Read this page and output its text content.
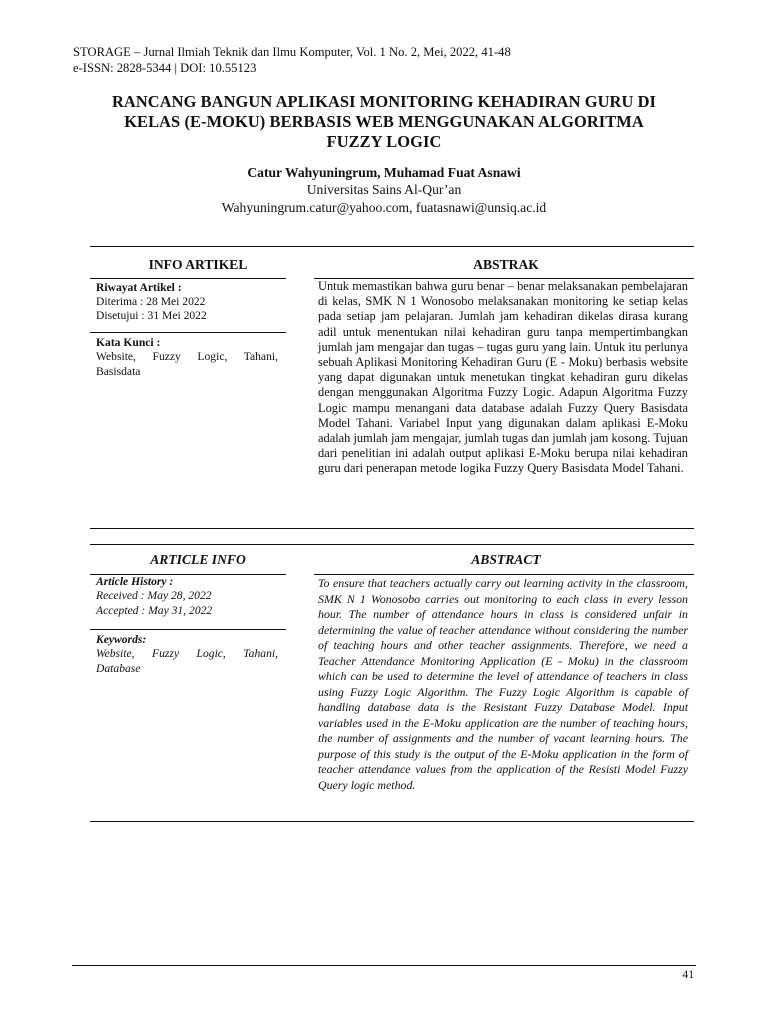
STORAGE – Jurnal Ilmiah Teknik dan Ilmu Komputer, Vol. 1 No. 2, Mei, 2022, 41-48
e-ISSN: 2828-5344 | DOI: 10.55123
RANCANG BANGUN APLIKASI MONITORING KEHADIRAN GURU DI
KELAS (E-MOKU) BERBASIS WEB MENGGUNAKAN ALGORITMA
FUZZY LOGIC
Catur Wahyuningrum, Muhamad Fuat Asnawi
Universitas Sains Al-Qur’an
Wahyuningrum.catur@yahoo.com, fuatasnawi@unsiq.ac.id
INFO ARTIKEL	ABSTRAK
Riwayat Artikel :
Diterima : 28 Mei 2022
Disetujui : 31 Mei 2022
Kata Kunci :
Website, Fuzzy Logic, Tahani, Basisdata
Untuk memastikan bahwa guru benar – benar melaksanakan pembelajaran di kelas, SMK N 1 Wonosobo melaksanakan monitoring ke setiap kelas pada setiap jam pelajaran. Jumlah jam kehadiran dikelas dirasa kurang adil untuk menentukan nilai kehadiran guru tanpa mempertimbangkan jumlah jam mengajar dan tugas – tugas guru yang lain. Untuk itu perlunya sebuah Aplikasi Monitoring Kehadiran Guru (E - Moku) berbasis website yang dapat digunakan untuk menetukan tingkat kehadiran guru dikelas dengan menggunakan Algoritma Fuzzy Logic. Adapun Algoritma Fuzzy Logic mampu menangani data database adalah Fuzzy Query Basisdata Model Tahani. Variabel Input yang digunakan dalam aplikasi E-Moku adalah jumlah jam mengajar, jumlah tugas dan jumlah jam kosong. Tujuan dari penelitian ini adalah output aplikasi E-Moku berupa nilai kehadiran guru dari penerapan metode logika Fuzzy Query Basisdata Model Tahani.
ARTICLE INFO	ABSTRACT
Article History :
Received : May 28, 2022
Accepted : May 31, 2022
Keywords:
Website, Fuzzy Logic, Tahani, Database
To ensure that teachers actually carry out learning activity in the classroom, SMK N 1 Wonosobo carries out monitoring to each class in every lesson hour. The number of attendance hours in class is considered unfair in determining the value of teacher attendance without considering the number of teaching hours and other teacher assignments. Therefore, we need a Teacher Attendance Monitoring Application (E - Moku) in the classroom which can be used to determine the level of attendance of teachers in class using Fuzzy Logic Algorithm. The Fuzzy Logic Algorithm is capable of handling database data is the Resistant Fuzzy Database Model. Input variables used in the E-Moku application are the number of teaching hours, the number of assignments and the number of vacant learning hours. The purpose of this study is the output of the E-Moku application in the form of teacher attendance values from the application of the Resisti Model Fuzzy Query logic method.
41
